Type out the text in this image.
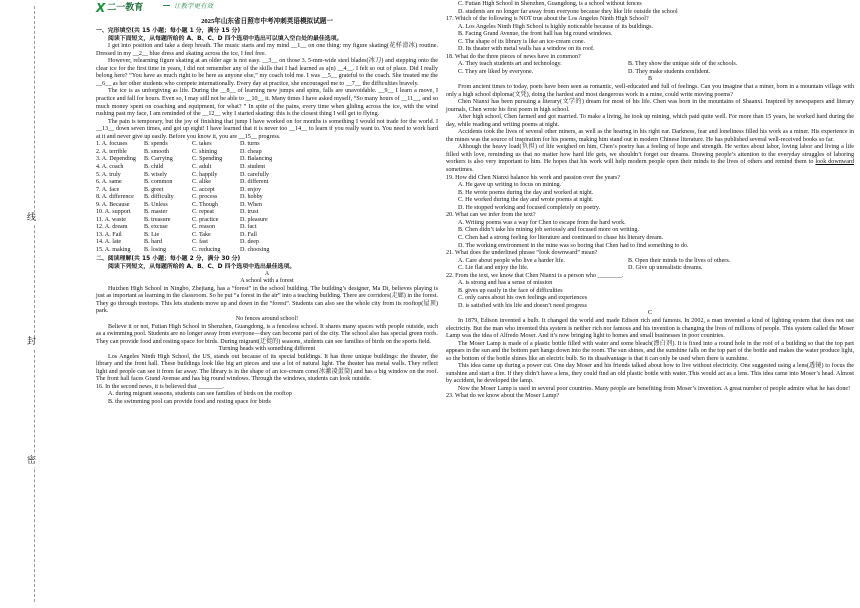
线
封
密
X 二一教育	让教学更有效
2025年山东省日照市中考冲刺英语模拟试题一
一、完形填空(共 15 小题；每小题 1 分，满分 15 分)
阅读下面短文，从每题所给的 A、B、C、D 四个选项中选出可以填入空白处的最佳选项。
I get into position and take a deep breath. The music starts and my mind __1__ on one thing: my figure skating(花样滑冰) routine. Dressed in my __2__ blue dress and skating across the ice, I feel free.
However, relearning figure skating at an older age is not easy. __3__ on those 3. 5-mm-wide steel blades(冰刀) and stepping onto the clear ice for the first time in years, I did not remember any of the skills that I had learned as a(n) __4__. I felt so out of place. Did I really belong here? “You have as much right to be here as anyone else,” my coach told me. I was __5__ grateful to the coach. She treated me the __6__ as her other students who compete internationally. Every day at practice, she encouraged me to __7__ the difficulties bravely.
The ice is as unforgiving as life. During the __8__ of learning new jumps and spins, falls are unavoidable. __9__ I learn a move, I practice and fall for hours. Even so, I may still not be able to __10__ it. Many times I have asked myself, “So many hours of __11__, and so much money spent on coaching and equipment, for what? ” In spite of the pains, every time when gliding across the ice, with the wind rushing past my face, I am reminded of the __12__ why I started skating: this is the closest thing I will get to flying.
The pain is temporary, but the joy of finishing that jump I have worked on for months is something I would not trade for the world. I __13__ down seven times, and got up eight! I have learned that it is never too __14__ to learn if you really want to. You need to work hard at it and never give up easily. Before you know it, you are __15__ progress.
1. A. focuses	B. spends	C. takes	D. turns
2. A. terrible	B. smooth	C. shining	D. cheap
3. A. Depending	B. Carrying	C. Spending	D. Balancing
4. A. coach	B. child	C. adult	D. student
5. A. truly	B. wisely	C. happily	D. carefully
6. A. same	B. common	C. alike	D. different
7. A. face	B. greet	C. accept	D. enjoy
8. A. difference	B. difficulty	C. process	D. hobby
9. A. Because	B. Unless	C. Though	D. When
10. A. support	B. master	C. repeat	D. trust
11. A. waste	B. treasure	C. practice	D. pleasure
12. A. dream	B. excuse	C. reason	D. fact
13. A. Fail	B. Lie	C. Take	D. Fall
14. A. late	B. hard	C. fast	D. deep
15. A. making	B. losing	C. reducing	D. choosing
二、阅读理解(共 15 小题；每小题 2 分，满分 30 分)
阅读下列短文，从每题所给的 A、B、C、D 四个选项中选出最佳选项。
A
A school with a forest
Huizhen High School in Ningbo, Zhejiang, has a “forest” in the school building. The building’s designer, Ma Di, believes playing is just as important as learning in the classroom. So he put “a forest in the air” into a teaching building. There are corridors(走廊) in the forest. They go through treetops. This lets students move up and down in the “forest”. Students can also see the whole city from its rooftop(屋顶) park.
No fences around school!
Believe it or not, Futian High School in Shenzhen, Guangdong, is a fenceless school. It shares many spaces with people outside, such as a swimming pool. Students are no longer away from everyone—they can become part of the city. The school also has special green roofs. They can provide food and resting space for birds. During migrant(迁徙的) seasons, students can see families of birds on the sports field.
Turning heads with something different
Los Angeles Ninth High School, the US, stands out because of its special buildings. It has three unique buildings: the theater, the library and the front hall. These buildings look like big art pieces and use a lot of natural light. The theater has metal walls. They reflect light and people can see it from far away. The library is in the shape of an ice-cream cone(冰激凌蛋筒) and has a big window on the roof. The front hall faces Grand Avenue and has big round windows. Through the windows, students can look outside.
16. In the second news, it is believed that ________.
A. during migrant seasons, students can see families of birds on the rooftop
B. the swimming pool can provide food and resting space for birds
C. Futian High School in Shenzhen, Guangdong, is a school without fences
D. students are no longer far away from everyone because they like life outside the school
17. Which of the following is NOT true about the Los Angeles Ninth High School?
A. Los Angeles Ninth High School is highly noticeable because of its buildings.
B. Facing Grand Avenue, the front hall has big round windows.
C. The shape of its library is like an ice-cream cone.
D. Its theater with metal walls has a window on its roof.
18. What do the three pieces of news have in common?
A. They teach students art and technology.	B. They show the unique side of the schools.
C. They are liked by everyone.	D. They make students confident.
B
From ancient times to today, poets have been seen as romantic, well-educated and full of feelings. Can you imagine that a miner, born in a mountain village with only a high school diploma(文凭), doing the hardest and most dangerous work in a mine, could write moving poems?
Chen Nianxi has been pursuing a literary(文学的) dream for most of his life. Chen was born in the mountains of Shaanxi. Inspired by newspapers and literary journals, Chen wrote his first poem in high school.
After high school, Chen farmed and got married. To make a living, he took up mining, which paid quite well. For more than 15 years, he worked hard during the day, while reading and writing poems at night.
Accidents took the lives of several other miners, as well as the hearing in his right ear. Darkness, fear and loneliness filled his work as a miner. His experience in the mines was the source of inspiration for his poems, making him stand out in modern Chinese literature. He has published several well-received books so far.
Although the heavy load(负担) of life weighed on him, Chen’s poetry has a feeling of hope and strength. He writes about labor, loving labor and living a life filled with love, reminding us that no matter how hard life gets, we shouldn’t forget our dreams. Drawing people’s attention to the everyday struggles of laboring workers is also very important to him. He hopes that his work will help modern people open their minds to the lives of others and remind them to look downward sometimes.
19. How did Chen Nianxi balance his work and passion over the years?
A. He gave up writing to focus on mining.
B. He wrote poems during the day and worked at night.
C. He worked during the day and wrote poems at night.
D. He stopped working and focused completely on poetry.
20. What can we infer from the text?
A. Writing poems was a way for Chen to escape from the hard work.
B. Chen didn’t take his mining job seriously and focused more on writing.
C. Chen had a strong feeling for literature and continued to chase his literary dream.
D. The working environment in the mine was so boring that Chen had to find something to do.
21. What does the underlined phrase “look downward” mean?
A. Care about people who live a harder life.	B. Open their minds to the lives of others.
C. Lie flat and enjoy the life.	D. Give up unrealistic dreams.
22. From the text, we know that Chen Nianxi is a person who ________.
A. is strong and has a sense of mission
B. gives up easily in the face of difficulties
C. only cares about his own feelings and experiences
D. is satisfied with his life and doesn’t need progress
C
In 1879, Edison invented a bulb. It changed the world and made Edison rich and famous. In 2002, a man invented a kind of lighting system that does not use electricity. But the man who invented this system is neither rich nor famous and his invention is changing the lives of millions of people. This system called the Moser Lamp was the idea of Alfredo Moser. And it’s now bringing light to homes and small businesses in poor countries.
The Moser Lamp is made of a plastic bottle filled with water and some bleach(漂白剂). It is fixed into a round hole in the roof of a building so that the top part appears in the sun and the bottom part hangs down into the room. The sun shines, and the sunshine falls on the top part of the bottle and makes the water produce light, so the bottom of the bottle shines like an electric bulb. So its disadvantage is that it can only be used when there is sunshine.
This idea came up during a power cut. One day Moser and his friends talked about how to live without electricity. One suggested using a lens(透镜) to focus the sunshine and start a fire. If they didn’t have a lens, they could find an old plastic bottle with water. This would act as a lens. This idea came into Moser’s head. Almost by accident, he developed the lamp.
Now the Moser Lamp is used in several poor countries. Many people are benefiting from Moser’s invention. A great number of people admire what he has done!
23. What do we know about the Moser Lamp?
